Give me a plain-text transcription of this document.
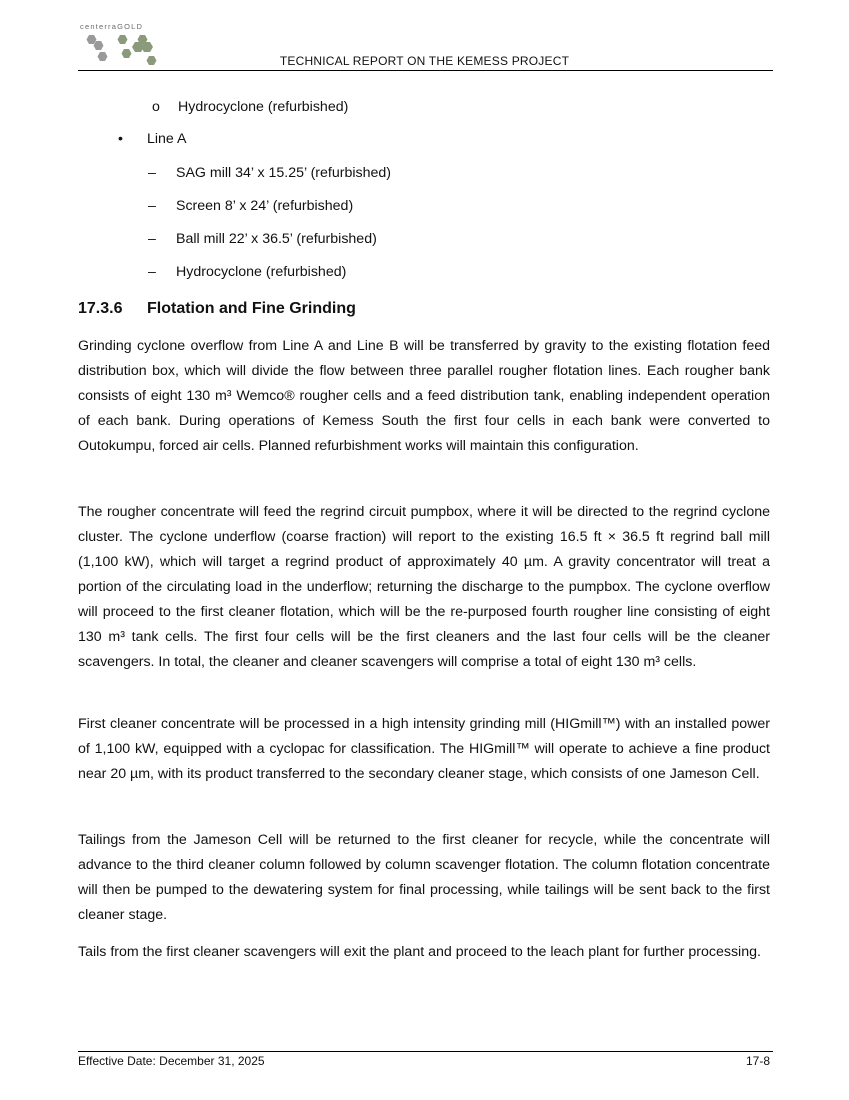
centerraGOLD
TECHNICAL REPORT ON THE KEMESS PROJECT
o Hydrocyclone (refurbished)
• Line A
– SAG mill 34’ x 15.25’ (refurbished)
– Screen 8’ x 24’ (refurbished)
– Ball mill 22’ x 36.5’ (refurbished)
– Hydrocyclone (refurbished)
17.3.6 Flotation and Fine Grinding

Grinding cyclone overflow from Line A and Line B will be transferred by gravity to the existing flotation feed distribution box, which will divide the flow between three parallel rougher flotation lines. Each rougher bank consists of eight 130 m³ Wemco® rougher cells and a feed distribution tank, enabling independent operation of each bank. During operations of Kemess South the first four cells in each bank were converted to Outokumpu, forced air cells. Planned refurbishment works will maintain this configuration.

The rougher concentrate will feed the regrind circuit pumpbox, where it will be directed to the regrind cyclone cluster. The cyclone underflow (coarse fraction) will report to the existing 16.5 ft × 36.5 ft regrind ball mill (1,100 kW), which will target a regrind product of approximately 40 µm. A gravity concentrator will treat a portion of the circulating load in the underflow; returning the discharge to the pumpbox. The cyclone overflow will proceed to the first cleaner flotation, which will be the re-purposed fourth rougher line consisting of eight 130 m³ tank cells. The first four cells will be the first cleaners and the last four cells will be the cleaner scavengers. In total, the cleaner and cleaner scavengers will comprise a total of eight 130 m³ cells.

First cleaner concentrate will be processed in a high intensity grinding mill (HIGmill™) with an installed power of 1,100 kW, equipped with a cyclopac for classification. The HIGmill™ will operate to achieve a fine product near 20 µm, with its product transferred to the secondary cleaner stage, which consists of one Jameson Cell.

Tailings from the Jameson Cell will be returned to the first cleaner for recycle, while the concentrate will advance to the third cleaner column followed by column scavenger flotation. The column flotation concentrate will then be pumped to the dewatering system for final processing, while tailings will be sent back to the first cleaner stage.

Tails from the first cleaner scavengers will exit the plant and proceed to the leach plant for further processing.

Effective Date: December 31, 2025	17-8
